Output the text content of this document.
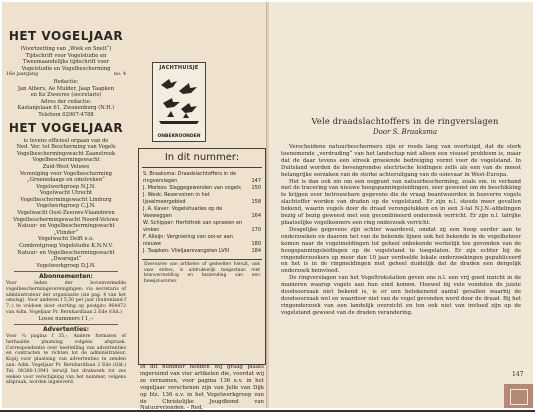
HET VOGELJAAR

(Voortzetting van „Wiek en Snelt“)

Tijdschrift voor Vogelstudie en

Tweemaandelijks tijdschrift voor

Vogelstudie en Vogelbescherming

16e jaargang	no. 4

Redactie:

Jan Albers, Ae Mulder, Jaap Taapken

en Ko Zweeres (secretaris)

Adres der redactie:

Kastanjelaan 61, Zwanenburg (N.H.)

Telefoon 02907-4788

HET VOGELJAAR

is tevens officieel orgaan van de

Ned. Ver. tot Bescherming van Vogels

Vogelbeschermingswacht Zaanstreek

Vogelbeschermingswacht

Zuid-West Veluwe

Vereniging voor Vogelbescherming

„Groenedaags en omstreken“

Vogelwerkgroep N.J.N.

Vogelwacht Utrecht

Vogelbeschermingswacht Limburg

Vogelwerkgroep C.J.N.

Vogelwacht Oost-Zeeuws-Vlaanderen

Vogelbeschermingswacht Noord-Veluwe

Natuur- en Vogelbeschermingswacht

„Vlinder“

Vogelwacht Delft e.o.

Combretgroep Vogelstudie K.N.N.V.

Natuur- en Vogelbeschermingswacht

„Dwarsgat“

Vogelwerkgroep D.J.N.

Abonnementen:

Voor leden der bovenvermelde vogelbeschermingsverenigingen: via secretaris of administrateur der organisatie (zie pag. 4 van het omslag). Voor anderen f 5,50 per jaar (buitenland f 7,-) te voldoen door storting op postgiro 964472 van Adm. Vogeljaar Pr. Bernhardlaan 2 Ede (Gld.)

Losse nummers f 1,--

Advertenties:

Voor ¼ pagina f 35,-. Andere formaten of herhaalde plaatsing volgens afspraak. Correspondentie over beeltelling van advertenties en contracten te richten tot de administrateur. Kopij voor plaatsing van advertenties te zenden aan: Adm. Vogeljaar Pr. Bernhardlaan 2 Ede (Gld.) Tel. 08380-13941 terwijl het drukwerk tot zes weken voor verschijning van het nummer, volgens afspraak, worden ingeleverd.

JACHTHUISJE
ONBEKROONDEN
In dit nummer:
S. Braaksma: Draadslachtoffers in de ringverslagen	147
J. Morbos: Slaggegewonden van vogels	150
J. Wesk: Reservoiren in het Ijsselmeergebied	158
J. A. Kaver: Vogelsituaties op de Veeweggen	164
W. Schipper: Herfsttrek van sprawen en vinken	170
F. Alleijn: Vergroeiing van ooi-er aan nieuwe	180
J. Taapken: Vlieljaarsvangsten LVIII	184
Overname van artikelen of gedeelten hieruit, ook voor elders, is uitdrukkelijk toegestaan met bronvermelding en toezending van een bewijsnummer.
In dit nummer hebben wij graag plaats ingeruimd van vier artikelen die, voordat wij ze vernamen, voor pagina 136 e.v. in het vogeljaar verschenen zijn van Jelle van Dijk op blz. 136 e.v. in het Vogelwerkgroep van de Christelijke Jeugdbond van Natuurvrienden. - Red.
Vele draadslachtoffers in de ringverslagen
Door S. Braaksma

Verscheidene natuurbeschermers zijn er reeds lang van overtuigd, dat de sterk toenemende „verdrading“ van het landschap niet alleen een visueel probleem is, maar dat de daar tevens een streek groeiende bedreiging vormt voor de vogelstand. In Duitsland worden de bovengrondse electrische leidingen zelfs als een van de meest belangrijke oorzaken van de sterke achteruitgang van de ooievaar in West-Europa.

Het is dan ook zin om een oogpunt van natuurbescherming, zoals om. in verband met de tracering van nieuwe hoogspanningsleidingen, zeer gewenst om de beschikking te krijgen over betrouwbare gegevens die de vraag beantwoorden in hoeverre vogels slachtoffer worden van draden op de vogelstand. Er zijn n.l. steeds meer gevallen bekend, waarin vogels door de draad verongelukken en in een 3-tal N.J.N.-afdelingen bezig of bezig geweest met een gecombineerd onderzoek verricht. Er zijn n.l. talrijke plaatselijke vogelkenners een ring onderzoek verricht.

Desgelijke gegevens zijn echter waardevol, omdat zij een hoop eerder aan te onderzoeken en daarom het van de bekende lijnen ook het bekende in de vogelbeheer komen naar de vogelmeldingen tot geheel onbekende werkelijk toe gevonden van de hoogspanningsleidingen op de vogelstand te toegelaten. Er zijn echter bij de ringonderzoekers op meer dan 10 jaar verdeelde lokale onderzoekingen gepubliceerd en het is in de ringmeldingen niet geheel duidelijk dat de draden een dergelijk onderzoek beinvloed.

De ringverslagen van het Vogeltrekstation geven ons n.l. een vrij goed inzicht in de manieren waarop vogels aan hun eind komen. Hoewel bij vele vondsten de juiste doodsoorzaak niet bekend is, is er een betekenend aantal gevallen waarbij de doodsoorzaak wel en waardoor niet van de vogel gevonden werd door de draad. Bij het ringonderzoek van een landelijk overzicht en ten ook niet van invloed zijn op de vogelstand geweest van de draden verandering.

147
